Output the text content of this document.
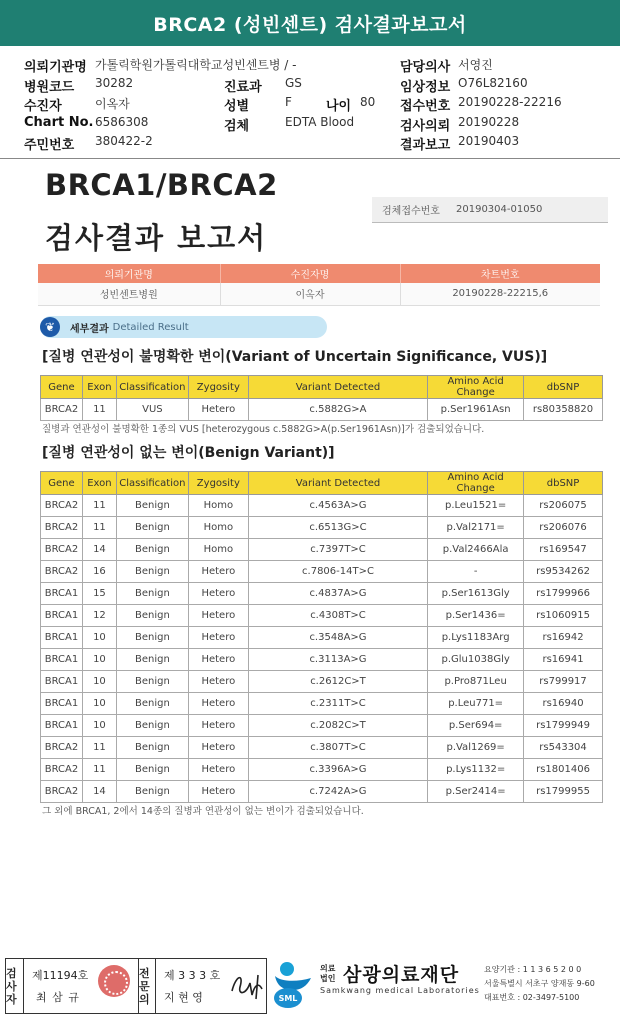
BRCA2 (성빈센트) 검사결과보고서
의뢰기관명 가톨릭학원가톨릭대학교성빈센트병 / -	담당의사 서영진
병원코드 30282	진료과 GS	임상정보 O76L82160
수진자	이옥자	성별	F	나이 80 접수번호 20190228-22216
Chart No. 6586308	검체	EDTA Blood	검사의뢰 20190228
주민번호 380422-2	결과보고 20190403
BRCA1/BRCA2
검사결과 보고서
검체접수번호	20190304-01050
의뢰기관명	수진자명	차트번호
성빈센트병원	이옥자	20190228-22215,6
❦	세부결과 Detailed Result
[질병 연관성이 불명확한 변이(Variant of Uncertain Significance, VUS)]
Gene	Exon	Classification	Zygosity	Variant Detected	Amino Acid Change	dbSNP
BRCA2	11	VUS	Hetero	c.5882G>A	p.Ser1961Asn	rs80358820
질병과 연관성이 불명확한 1종의 VUS [heterozygous c.5882G>A(p.Ser1961Asn)]가 검출되었습니다.
[질병 연관성이 없는 변이(Benign Variant)]
Gene	Exon	Classification	Zygosity	Variant Detected	Amino Acid Change	dbSNP
BRCA2	11	Benign	Homo	c.4563A>G	p.Leu1521=	rs206075
BRCA2	11	Benign	Homo	c.6513G>C	p.Val2171=	rs206076
BRCA2	14	Benign	Homo	c.7397T>C	p.Val2466Ala	rs169547
BRCA2	16	Benign	Hetero	c.7806-14T>C	-	rs9534262
BRCA1	15	Benign	Hetero	c.4837A>G	p.Ser1613Gly	rs1799966
BRCA1	12	Benign	Hetero	c.4308T>C	p.Ser1436=	rs1060915
BRCA1	10	Benign	Hetero	c.3548A>G	p.Lys1183Arg	rs16942
BRCA1	10	Benign	Hetero	c.3113A>G	p.Glu1038Gly	rs16941
BRCA1	10	Benign	Hetero	c.2612C>T	p.Pro871Leu	rs799917
BRCA1	10	Benign	Hetero	c.2311T>C	p.Leu771=	rs16940
BRCA1	10	Benign	Hetero	c.2082C>T	p.Ser694=	rs1799949
BRCA2	11	Benign	Hetero	c.3807T>C	p.Val1269=	rs543304
BRCA2	11	Benign	Hetero	c.3396A>G	p.Lys1132=	rs1801406
BRCA2	14	Benign	Hetero	c.7242A>G	p.Ser2414=	rs1799955
그 외에 BRCA1, 2에서 14종의 질병과 연관성이 없는 변이가 검출되었습니다.
검사자
제11194호
최 삼 규
전문의
제 3 3 3 호
지 현 영	SML
의료법인 삼광의료재단
Samkwang medical Laboratories
요양기관 : 1 1 3 6 5 2 0 0
서울특별시 서초구 양재동 9-60
대표번호 : 02-3497-5100
